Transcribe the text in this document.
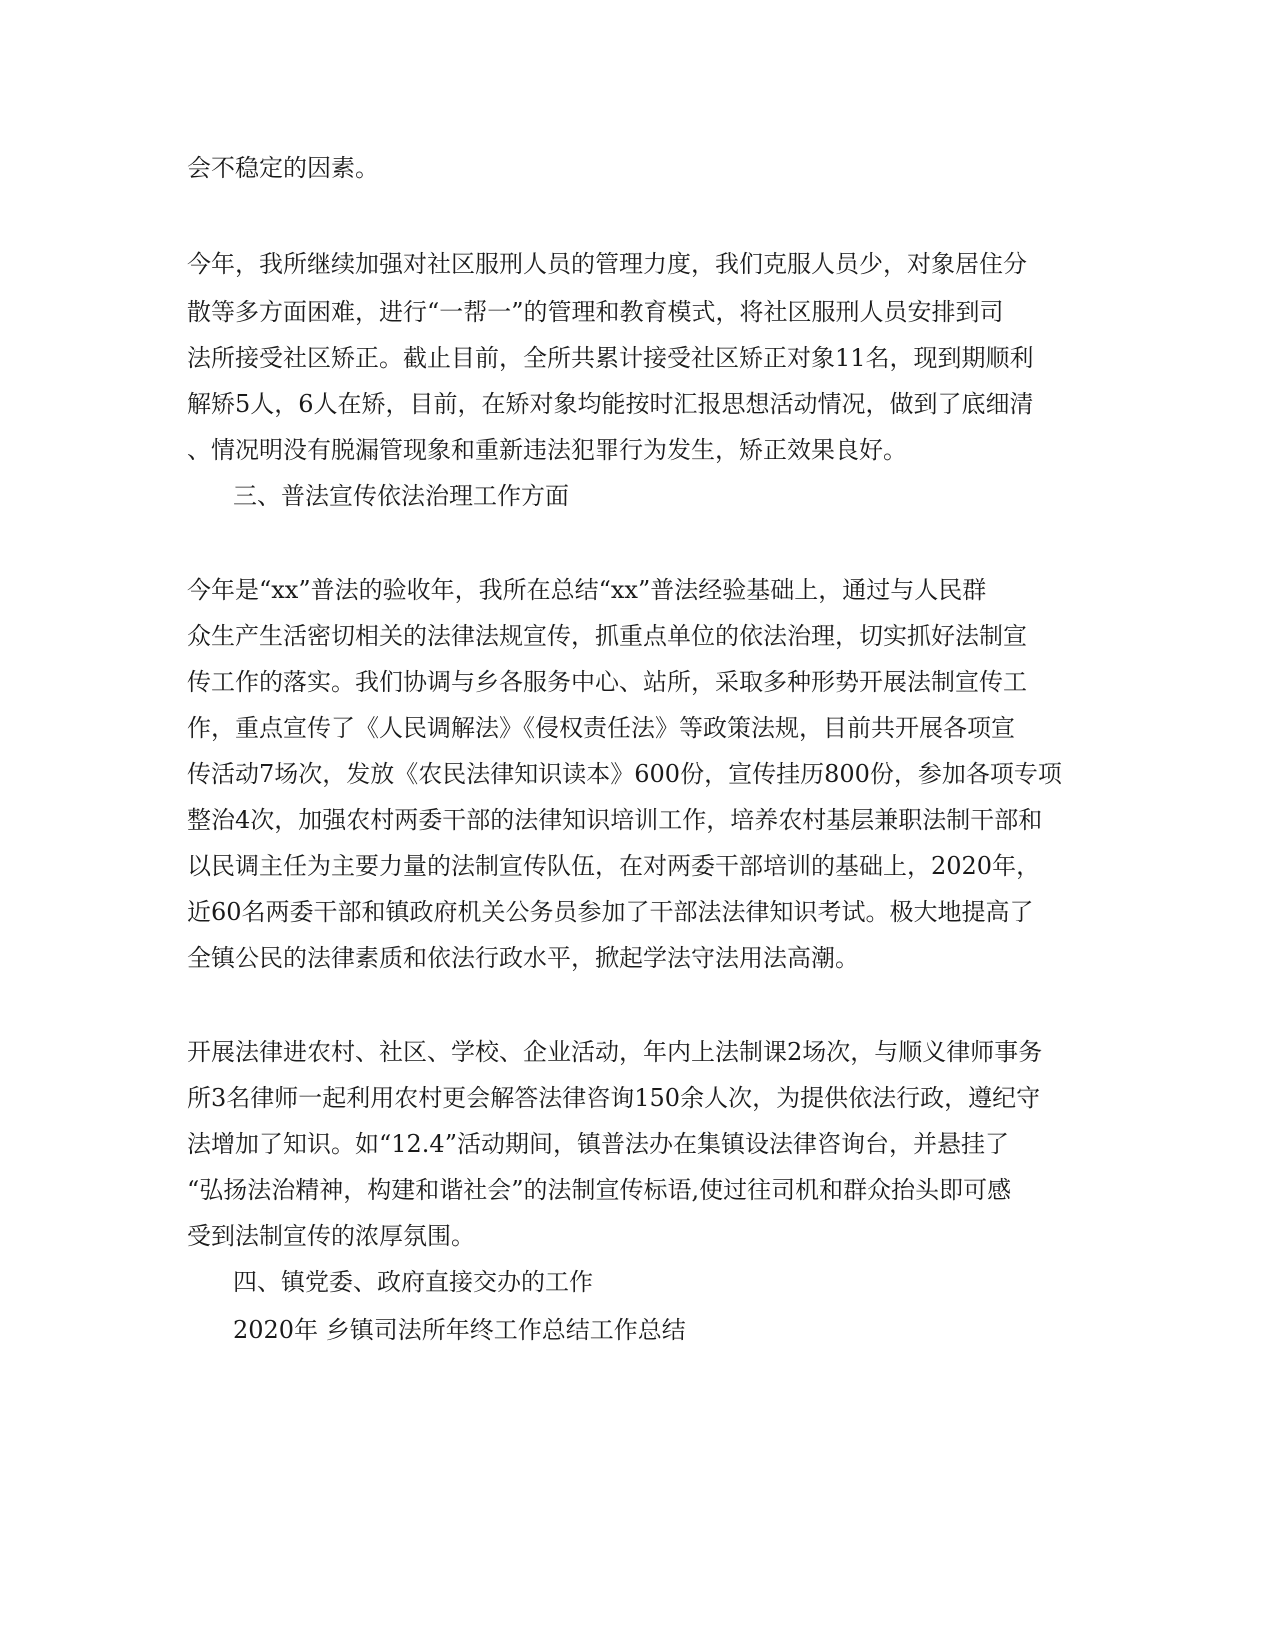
会不稳定的因素。
今年，我所继续加强对社区服刑人员的管理力度，我们克服人员少，对象居住分
散等多方面困难，进行“一帮一”的管理和教育模式，将社区服刑人员安排到司
法所接受社区矫正。截止目前，全所共累计接受社区矫正对象11名，现到期顺利
解矫5人，6人在矫，目前，在矫对象均能按时汇报思想活动情况，做到了底细清
、情况明没有脱漏管现象和重新违法犯罪行为发生，矫正效果良好。
三、普法宣传依法治理工作方面
今年是“xx”普法的验收年，我所在总结“xx”普法经验基础上，通过与人民群
众生产生活密切相关的法律法规宣传，抓重点单位的依法治理，切实抓好法制宣
传工作的落实。我们协调与乡各服务中心、站所，采取多种形势开展法制宣传工
作，重点宣传了《人民调解法》《侵权责任法》等政策法规，目前共开展各项宣
传活动7场次，发放《农民法律知识读本》600份，宣传挂历800份，参加各项专项
整治4次，加强农村两委干部的法律知识培训工作，培养农村基层兼职法制干部和
以民调主任为主要力量的法制宣传队伍，在对两委干部培训的基础上，2020年，
近60名两委干部和镇政府机关公务员参加了干部法法律知识考试。极大地提高了
全镇公民的法律素质和依法行政水平，掀起学法守法用法高潮。
开展法律进农村、社区、学校、企业活动，年内上法制课2场次，与顺义律师事务
所3名律师一起利用农村更会解答法律咨询150余人次，为提供依法行政，遵纪守
法增加了知识。如“12.4”活动期间，镇普法办在集镇设法律咨询台，并悬挂了
“弘扬法治精神，构建和谐社会”的法制宣传标语,使过往司机和群众抬头即可感
受到法制宣传的浓厚氛围。
四、镇党委、政府直接交办的工作
2020年 乡镇司法所年终工作总结工作总结
